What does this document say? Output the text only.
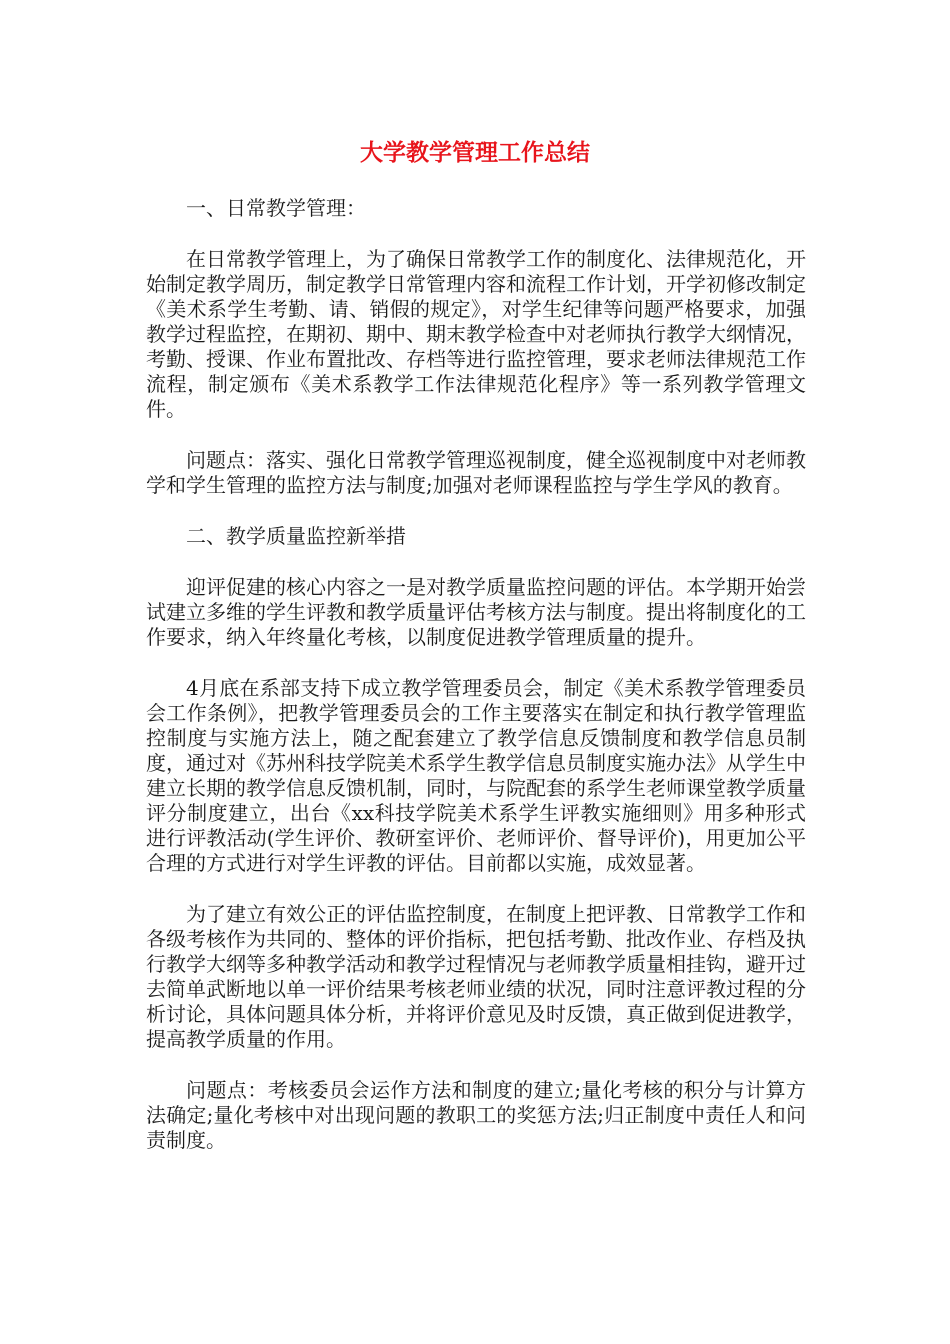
大学教学管理工作总结

一、日常教学管理：

在日常教学管理上，为了确保日常教学工作的制度化、法律规范化，开始制定教学周历，制定教学日常管理内容和流程工作计划，开学初修改制定《美术系学生考勤、请、销假的规定》，对学生纪律等问题严格要求，加强教学过程监控，在期初、期中、期末教学检查中对老师执行教学大纲情况，考勤、授课、作业布置批改、存档等进行监控管理，要求老师法律规范工作流程，制定颁布《美术系教学工作法律规范化程序》等一系列教学管理文件。

问题点：落实、强化日常教学管理巡视制度，健全巡视制度中对老师教学和学生管理的监控方法与制度;加强对老师课程监控与学生学风的教育。

二、教学质量监控新举措

迎评促建的核心内容之一是对教学质量监控问题的评估。本学期开始尝试建立多维的学生评教和教学质量评估考核方法与制度。提出将制度化的工作要求，纳入年终量化考核，以制度促进教学管理质量的提升。

4月底在系部支持下成立教学管理委员会，制定《美术系教学管理委员会工作条例》，把教学管理委员会的工作主要落实在制定和执行教学管理监控制度与实施方法上，随之配套建立了教学信息反馈制度和教学信息员制度，通过对《苏州科技学院美术系学生教学信息员制度实施办法》从学生中建立长期的教学信息反馈机制，同时，与院配套的系学生老师课堂教学质量评分制度建立，出台《xx科技学院美术系学生评教实施细则》用多种形式进行评教活动(学生评价、教研室评价、老师评价、督导评价)，用更加公平合理的方式进行对学生评教的评估。目前都以实施，成效显著。

为了建立有效公正的评估监控制度，在制度上把评教、日常教学工作和各级考核作为共同的、整体的评价指标，把包括考勤、批改作业、存档及执行教学大纲等多种教学活动和教学过程情况与老师教学质量相挂钩，避开过去简单武断地以单一评价结果考核老师业绩的状况，同时注意评教过程的分析讨论，具体问题具体分析，并将评价意见及时反馈，真正做到促进教学，提高教学质量的作用。

问题点：考核委员会运作方法和制度的建立;量化考核的积分与计算方法确定;量化考核中对出现问题的教职工的奖惩方法;归正制度中责任人和问责制度。
